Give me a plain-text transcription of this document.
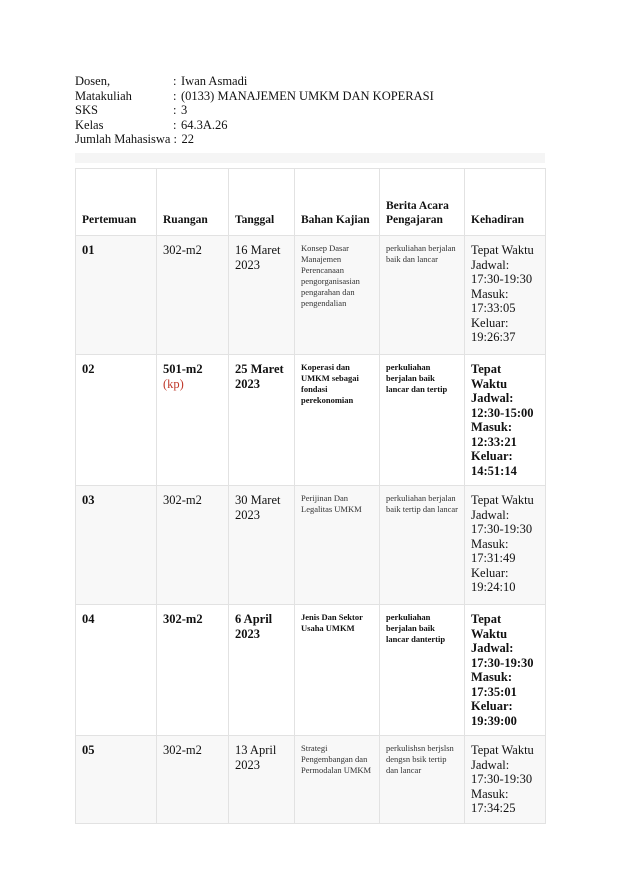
Dosen,	: Iwan Asmadi
Matakuliah	: (0133) MANAJEMEN UMKM DAN KOPERASI
SKS	: 3
Kelas	: 64.3A.26
Jumlah Mahasiswa : 22
Pertemuan	Ruangan	Tanggal	Bahan Kajian	Berita Acara Pengajaran	Kehadiran
01	302-m2	16 Maret 2023	Konsep Dasar Manajemen Perencanaan pengorganisasian pengarahan dan pengendalian	perkuliahan berjalan baik dan lancar	Tepat Waktu
Jadwal: 17:30-19:30
Masuk: 17:33:05
Keluar: 19:26:37

02	501-m2 (kp)	25 Maret 2023	Koperasi dan UMKM sebagai fondasi perekonomian	perkuliahan berjalan baik lancar dan tertip	Tepat Waktu
Jadwal: 12:30-15:00
Masuk: 12:33:21
Keluar: 14:51:14

03	302-m2	30 Maret 2023	Perijinan Dan Legalitas UMKM	perkuliahan berjalan baik tertip dan lancar	Tepat Waktu
Jadwal: 17:30-19:30
Masuk: 17:31:49
Keluar: 19:24:10

04	302-m2	6 April 2023	Jenis Dan Sektor Usaha UMKM	perkuliahan berjalan baik lancar dantertip	Tepat Waktu
Jadwal: 17:30-19:30
Masuk: 17:35:01
Keluar: 19:39:00

05	302-m2	13 April 2023	Strategi Pengembangan dan Permodalan UMKM	perkulishsn berjslsn dengsn bsik tertip dan lancar	Tepat Waktu
Jadwal: 17:30-19:30
Masuk: 17:34:25
